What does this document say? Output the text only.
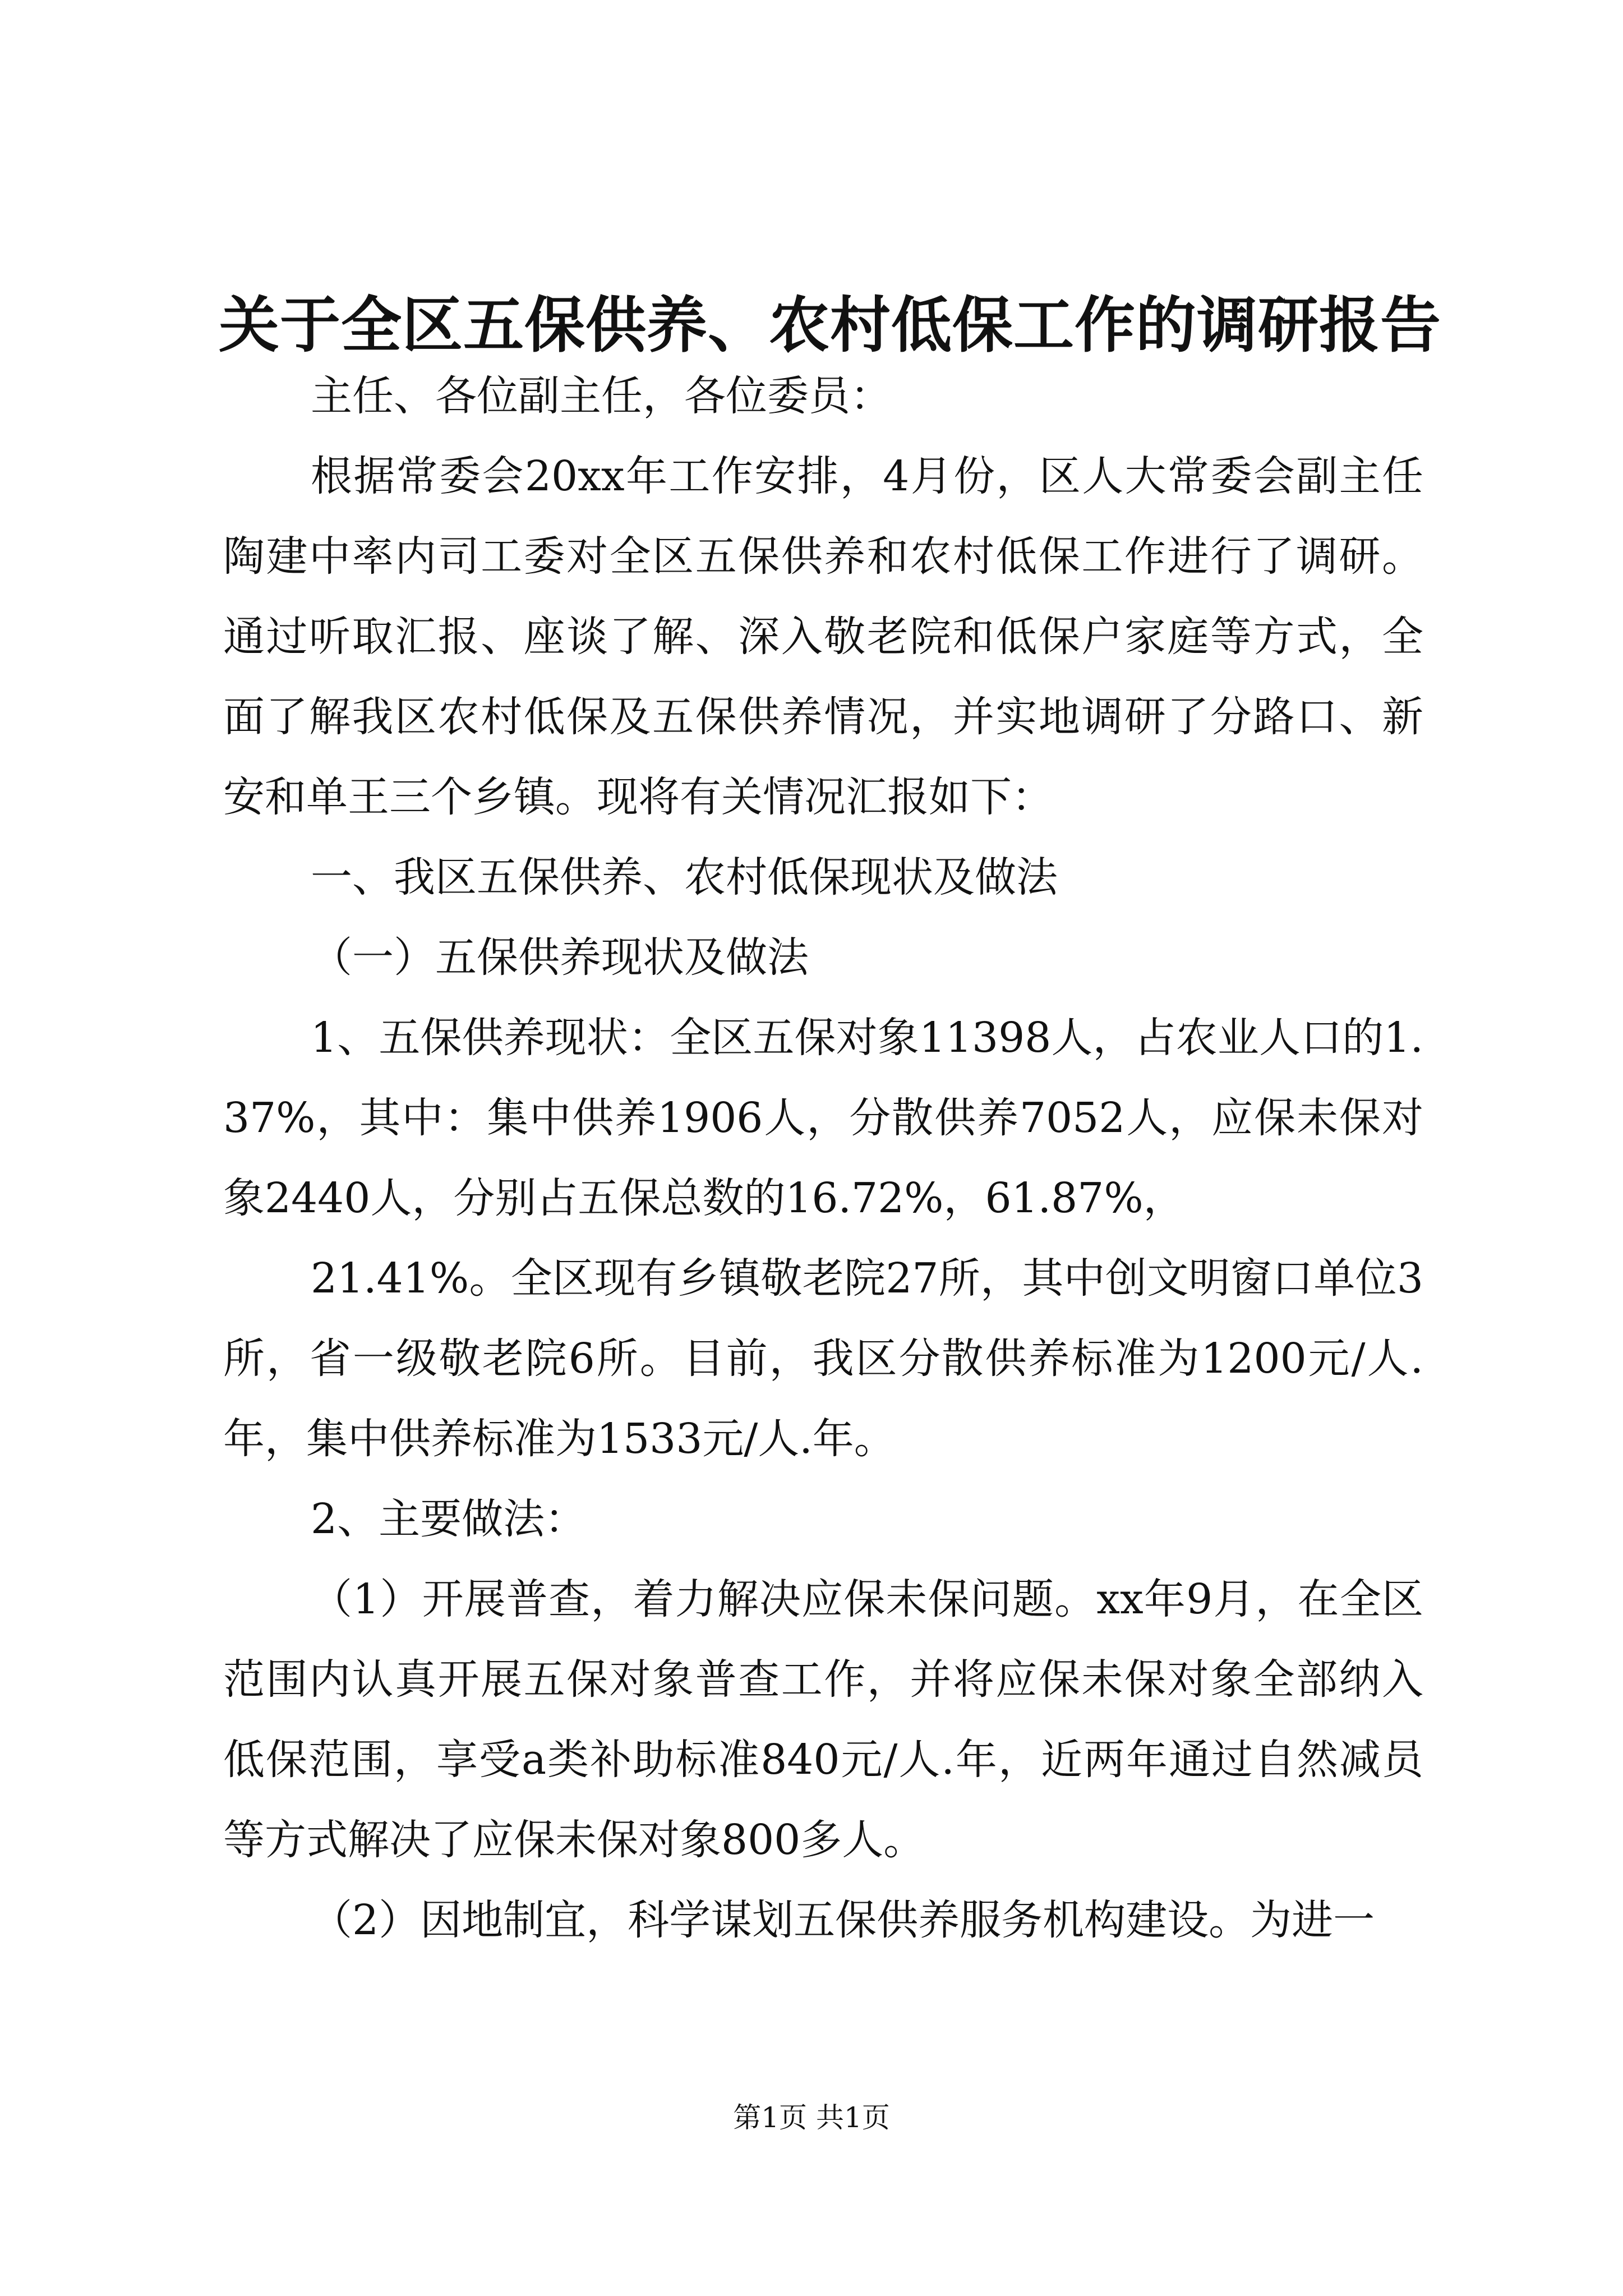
关于全区五保供养、农村低保工作的调研报告

主任、各位副主任，各位委员：

根据常委会20xx年工作安排，4月份，区人大常委会副主任陶建中率内司工委对全区五保供养和农村低保工作进行了调研。通过听取汇报、座谈了解、深入敬老院和低保户家庭等方式，全面了解我区农村低保及五保供养情况，并实地调研了分路口、新安和单王三个乡镇。现将有关情况汇报如下：

一、我区五保供养、农村低保现状及做法

（一）五保供养现状及做法

1、五保供养现状：全区五保对象11398人，占农业人口的1.37%，其中：集中供养1906人，分散供养7052人，应保未保对象2440人，分别占五保总数的16.72%，61.87%，

21.41%。全区现有乡镇敬老院27所，其中创文明窗口单位3所，省一级敬老院6所。目前，我区分散供养标准为1200元/人.年，集中供养标准为1533元/人.年。

2、主要做法：

（1）开展普查，着力解决应保未保问题。xx年9月，在全区范围内认真开展五保对象普查工作，并将应保未保对象全部纳入低保范围，享受a类补助标准840元/人.年，近两年通过自然减员等方式解决了应保未保对象800多人。

（2）因地制宜，科学谋划五保供养服务机构建设。为进一

第1页 共1页
